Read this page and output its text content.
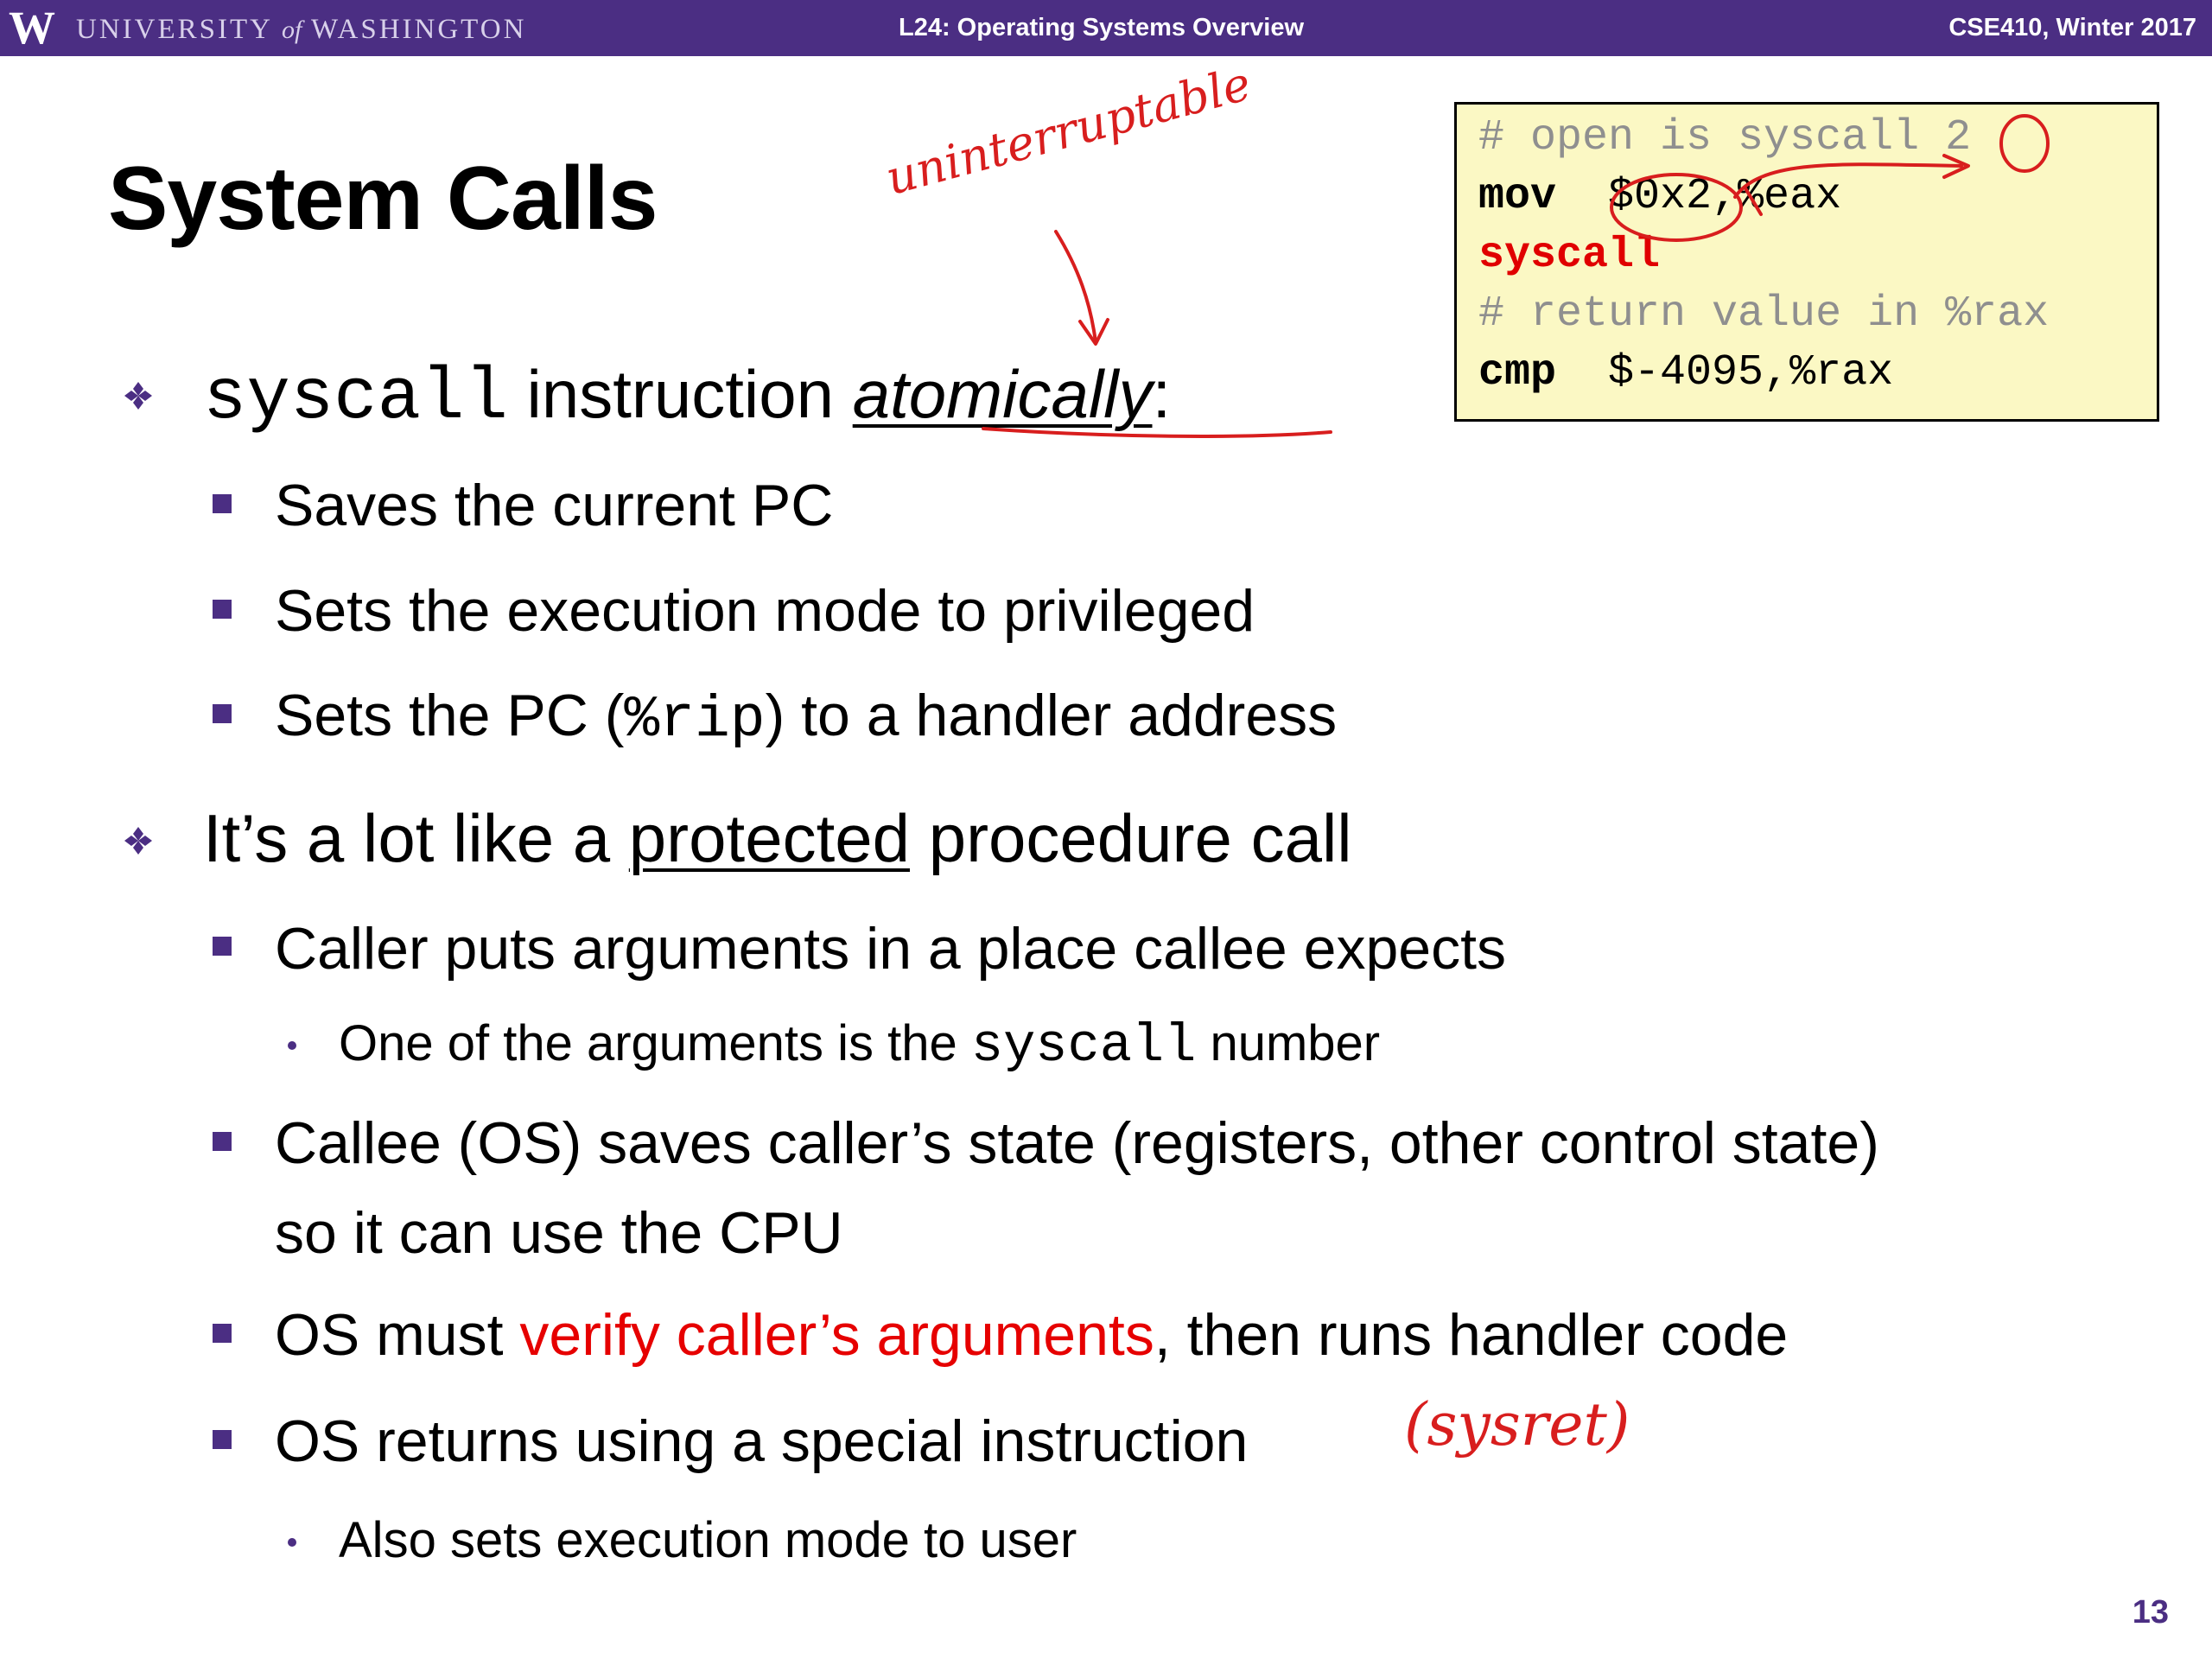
W UNIVERSITY of WASHINGTON	L24: Operating Systems Overview	CSE410, Winter 2017
System Calls
# open is syscall 2
mov $0x2,%eax
syscall
# return value in %rax
cmp $-4095,%rax
syscall instruction atomically:
Saves the current PC
Sets the execution mode to privileged
Sets the PC (%rip) to a handler address
It’s a lot like a protected procedure call
Caller puts arguments in a place callee expects
One of the arguments is the syscall number
Callee (OS) saves caller’s state (registers, other control state)
so it can use the CPU
OS must verify caller’s arguments, then runs handler code
OS returns using a special instruction
Also sets execution mode to user
uninterruptable
(sysret)
13
